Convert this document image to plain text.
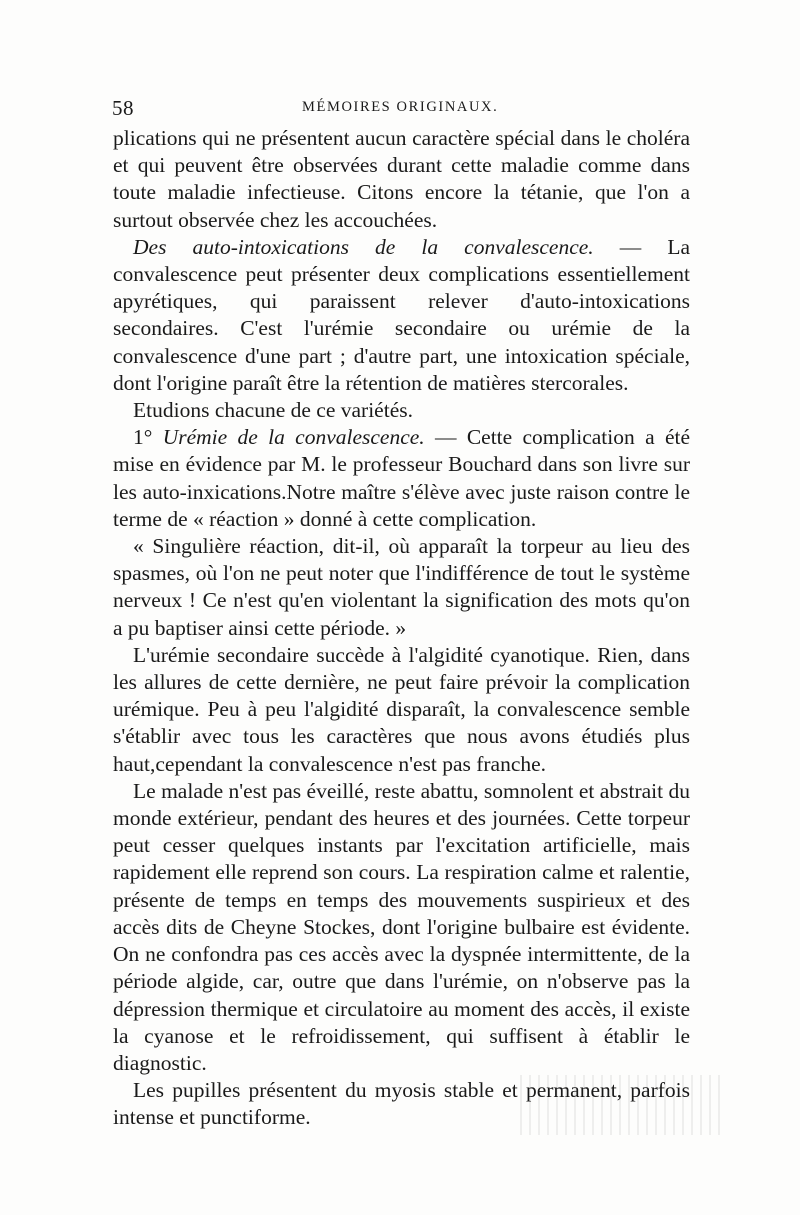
58	MÉMOIRES ORIGINAUX.

plications qui ne présentent aucun caractère spécial dans le choléra et qui peuvent être observées durant cette maladie comme dans toute maladie infectieuse. Citons encore la tétanie, que l'on a surtout observée chez les accouchées.

Des auto-intoxications de la convalescence. — La convalescence peut présenter deux complications essentiellement apyrétiques, qui paraissent relever d'auto-intoxications secondaires. C'est l'urémie secondaire ou urémie de la convalescence d'une part ; d'autre part, une intoxication spéciale, dont l'origine paraît être la rétention de matières stercorales.

Etudions chacune de ce variétés.

1° Urémie de la convalescence. — Cette complication a été mise en évidence par M. le professeur Bouchard dans son livre sur les auto-inxications.Notre maître s'élève avec juste raison contre le terme de « réaction » donné à cette complication.

« Singulière réaction, dit-il, où apparaît la torpeur au lieu des spasmes, où l'on ne peut noter que l'indifférence de tout le système nerveux ! Ce n'est qu'en violentant la signification des mots qu'on a pu baptiser ainsi cette période. »

L'urémie secondaire succède à l'algidité cyanotique. Rien, dans les allures de cette dernière, ne peut faire prévoir la complication urémique. Peu à peu l'algidité disparaît, la convalescence semble s'établir avec tous les caractères que nous avons étudiés plus haut,cependant la convalescence n'est pas franche.

Le malade n'est pas éveillé, reste abattu, somnolent et abstrait du monde extérieur, pendant des heures et des journées. Cette torpeur peut cesser quelques instants par l'excitation artificielle, mais rapidement elle reprend son cours. La respiration calme et ralentie, présente de temps en temps des mouvements suspirieux et des accès dits de Cheyne Stockes, dont l'origine bulbaire est évidente. On ne confondra pas ces accès avec la dyspnée intermittente, de la période algide, car, outre que dans l'urémie, on n'observe pas la dépression thermique et circulatoire au moment des accès, il existe la cyanose et le refroidissement, qui suffisent à établir le diagnostic.

Les pupilles présentent du myosis stable et permanent, parfois intense et punctiforme.
